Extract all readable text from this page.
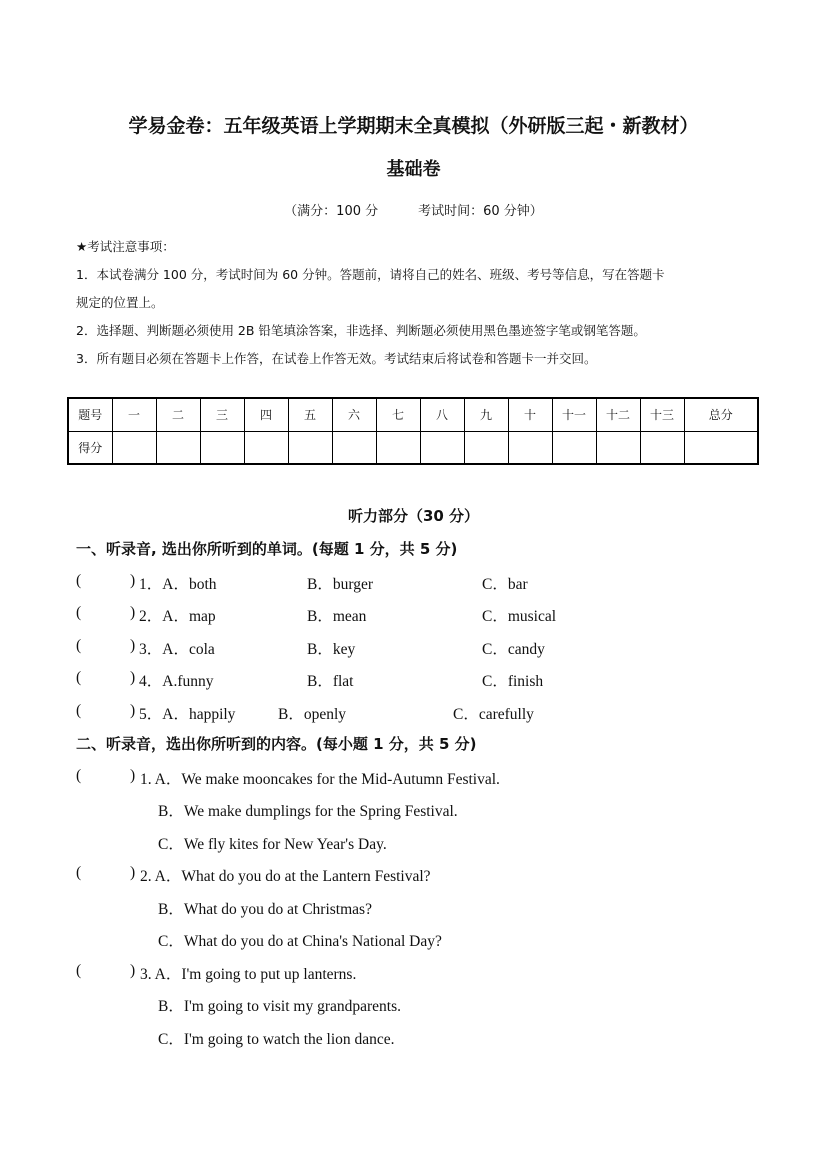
学易金卷：五年级英语上学期期末全真模拟（外研版三起・新教材）
基础卷
（满分：100 分	考试时间：60 分钟）

★考试注意事项：

1．本试卷满分 100 分，考试时间为 60 分钟。答题前，请将自己的姓名、班级、考号等信息，写在答题卡

规定的位置上。

2．选择题、判断题必须使用 2B 铅笔填涂答案，非选择、判断题必须使用黑色墨迹签字笔或钢笔答题。

3．所有题目必须在答题卡上作答，在试卷上作答无效。考试结束后将试卷和答题卡一并交回。

题号	一	二	三	四	五	六	七	八	九	十	十一	十二	十三	总分
得分														
听力部分（30 分）
一、听录音, 选出你所听到的单词。(每题 1 分，共 5 分)
(	) 1．A．both	B．burger	C．bar
(	) 2．A．map	B．mean	C．musical
(	) 3．A．cola	B．key	C．candy
(	) 4．A.funny	B．flat	C．finish
(	) 5．A．happily	B．openly	C．carefully
二、听录音，选出你所听到的内容。(每小题 1 分，共 5 分)
(	) 1. A．We make mooncakes for the Mid-Autumn Festival.
B．We make dumplings for the Spring Festival.
C．We fly kites for New Year's Day.
(	) 2. A．What do you do at the Lantern Festival?
B．What do you do at Christmas?
C．What do you do at China's National Day?
(	) 3. A．I'm going to put up lanterns.
B．I'm going to visit my grandparents.
C．I'm going to watch the lion dance.
